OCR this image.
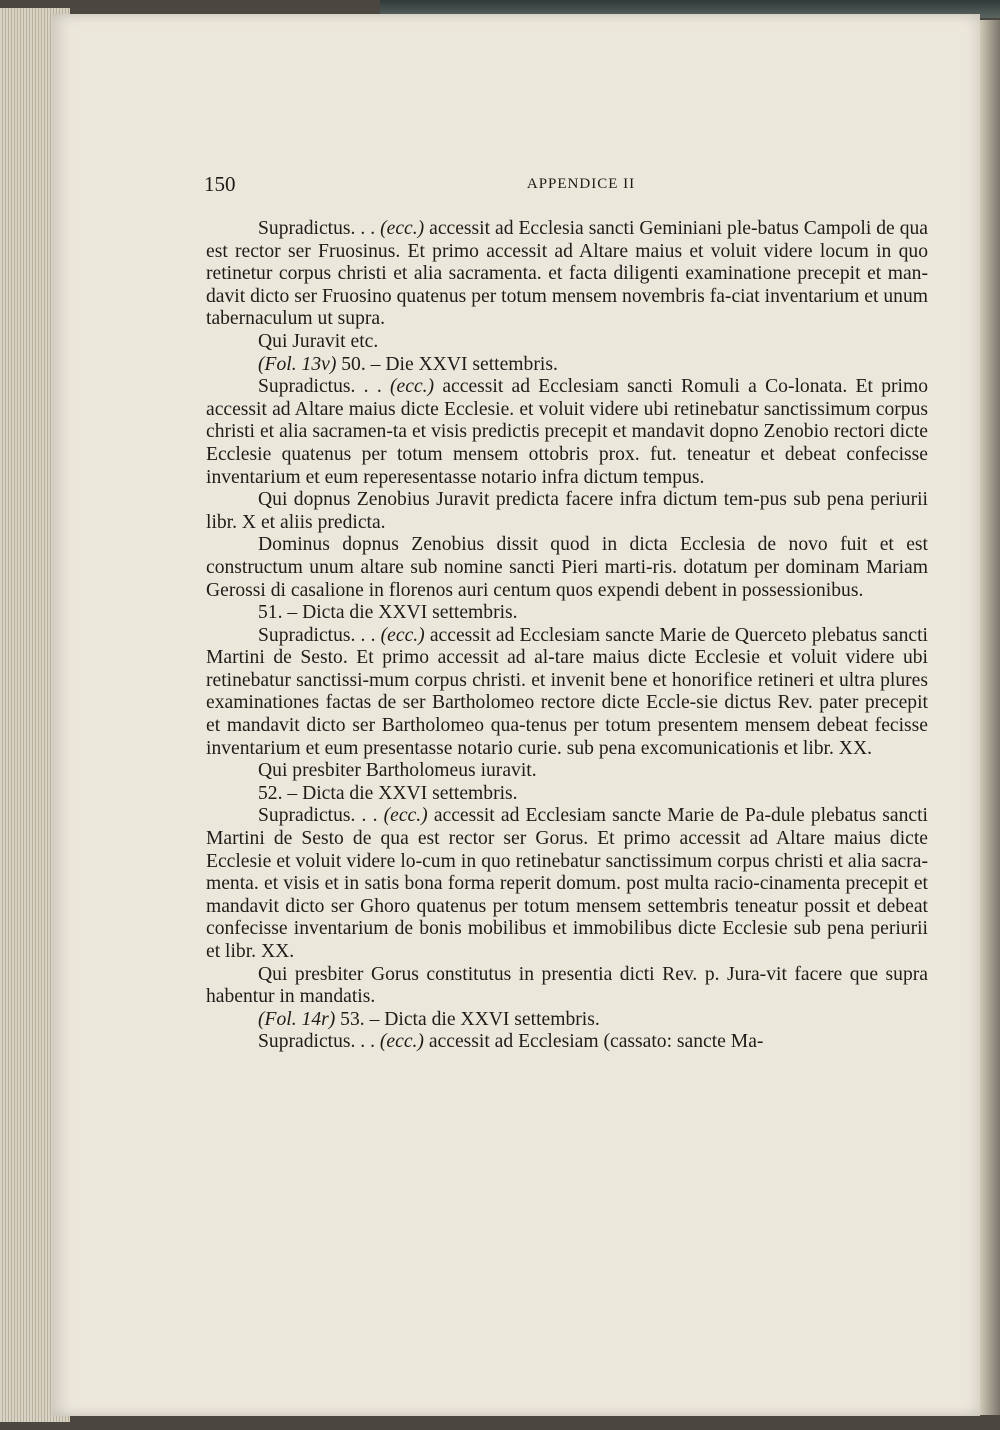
150	APPENDICE II

Supradictus. . . (ecc.) accessit ad Ecclesia sancti Geminiani ple-batus Campoli de qua est rector ser Fruosinus. Et primo accessit ad Altare maius et voluit videre locum in quo retinetur corpus christi et alia sacramenta. et facta diligenti examinatione precepit et man-davit dicto ser Fruosino quatenus per totum mensem novembris fa-ciat inventarium et unum tabernaculum ut supra.

Qui Juravit etc.

(Fol. 13v) 50. – Die XXVI settembris.

Supradictus. . . (ecc.) accessit ad Ecclesiam sancti Romuli a Co-lonata. Et primo accessit ad Altare maius dicte Ecclesie. et voluit videre ubi retinebatur sanctissimum corpus christi et alia sacramen-ta et visis predictis precepit et mandavit dopno Zenobio rectori dicte Ecclesie quatenus per totum mensem ottobris prox. fut. teneatur et debeat confecisse inventarium et eum reperesentasse notario infra dictum tempus.

Qui dopnus Zenobius Juravit predicta facere infra dictum tem-pus sub pena periurii libr. X et aliis predicta.

Dominus dopnus Zenobius dissit quod in dicta Ecclesia de novo fuit et est constructum unum altare sub nomine sancti Pieri marti-ris. dotatum per dominam Mariam Gerossi di casalione in florenos auri centum quos expendi debent in possessionibus.

51. – Dicta die XXVI settembris.

Supradictus. . . (ecc.) accessit ad Ecclesiam sancte Marie de Querceto plebatus sancti Martini de Sesto. Et primo accessit ad al-tare maius dicte Ecclesie et voluit videre ubi retinebatur sanctissi-mum corpus christi. et invenit bene et honorifice retineri et ultra plures examinationes factas de ser Bartholomeo rectore dicte Eccle-sie dictus Rev. pater precepit et mandavit dicto ser Bartholomeo qua-tenus per totum presentem mensem debeat fecisse inventarium et eum presentasse notario curie. sub pena excomunicationis et libr. XX.

Qui presbiter Bartholomeus iuravit.

52. – Dicta die XXVI settembris.

Supradictus. . . (ecc.) accessit ad Ecclesiam sancte Marie de Pa-dule plebatus sancti Martini de Sesto de qua est rector ser Gorus. Et primo accessit ad Altare maius dicte Ecclesie et voluit videre lo-cum in quo retinebatur sanctissimum corpus christi et alia sacra-menta. et visis et in satis bona forma reperit domum. post multa racio-cinamenta precepit et mandavit dicto ser Ghoro quatenus per totum mensem settembris teneatur possit et debeat confecisse inventarium de bonis mobilibus et immobilibus dicte Ecclesie sub pena periurii et libr. XX.

Qui presbiter Gorus constitutus in presentia dicti Rev. p. Jura-vit facere que supra habentur in mandatis.

(Fol. 14r) 53. – Dicta die XXVI settembris.

Supradictus. . . (ecc.) accessit ad Ecclesiam (cassato: sancte Ma-
